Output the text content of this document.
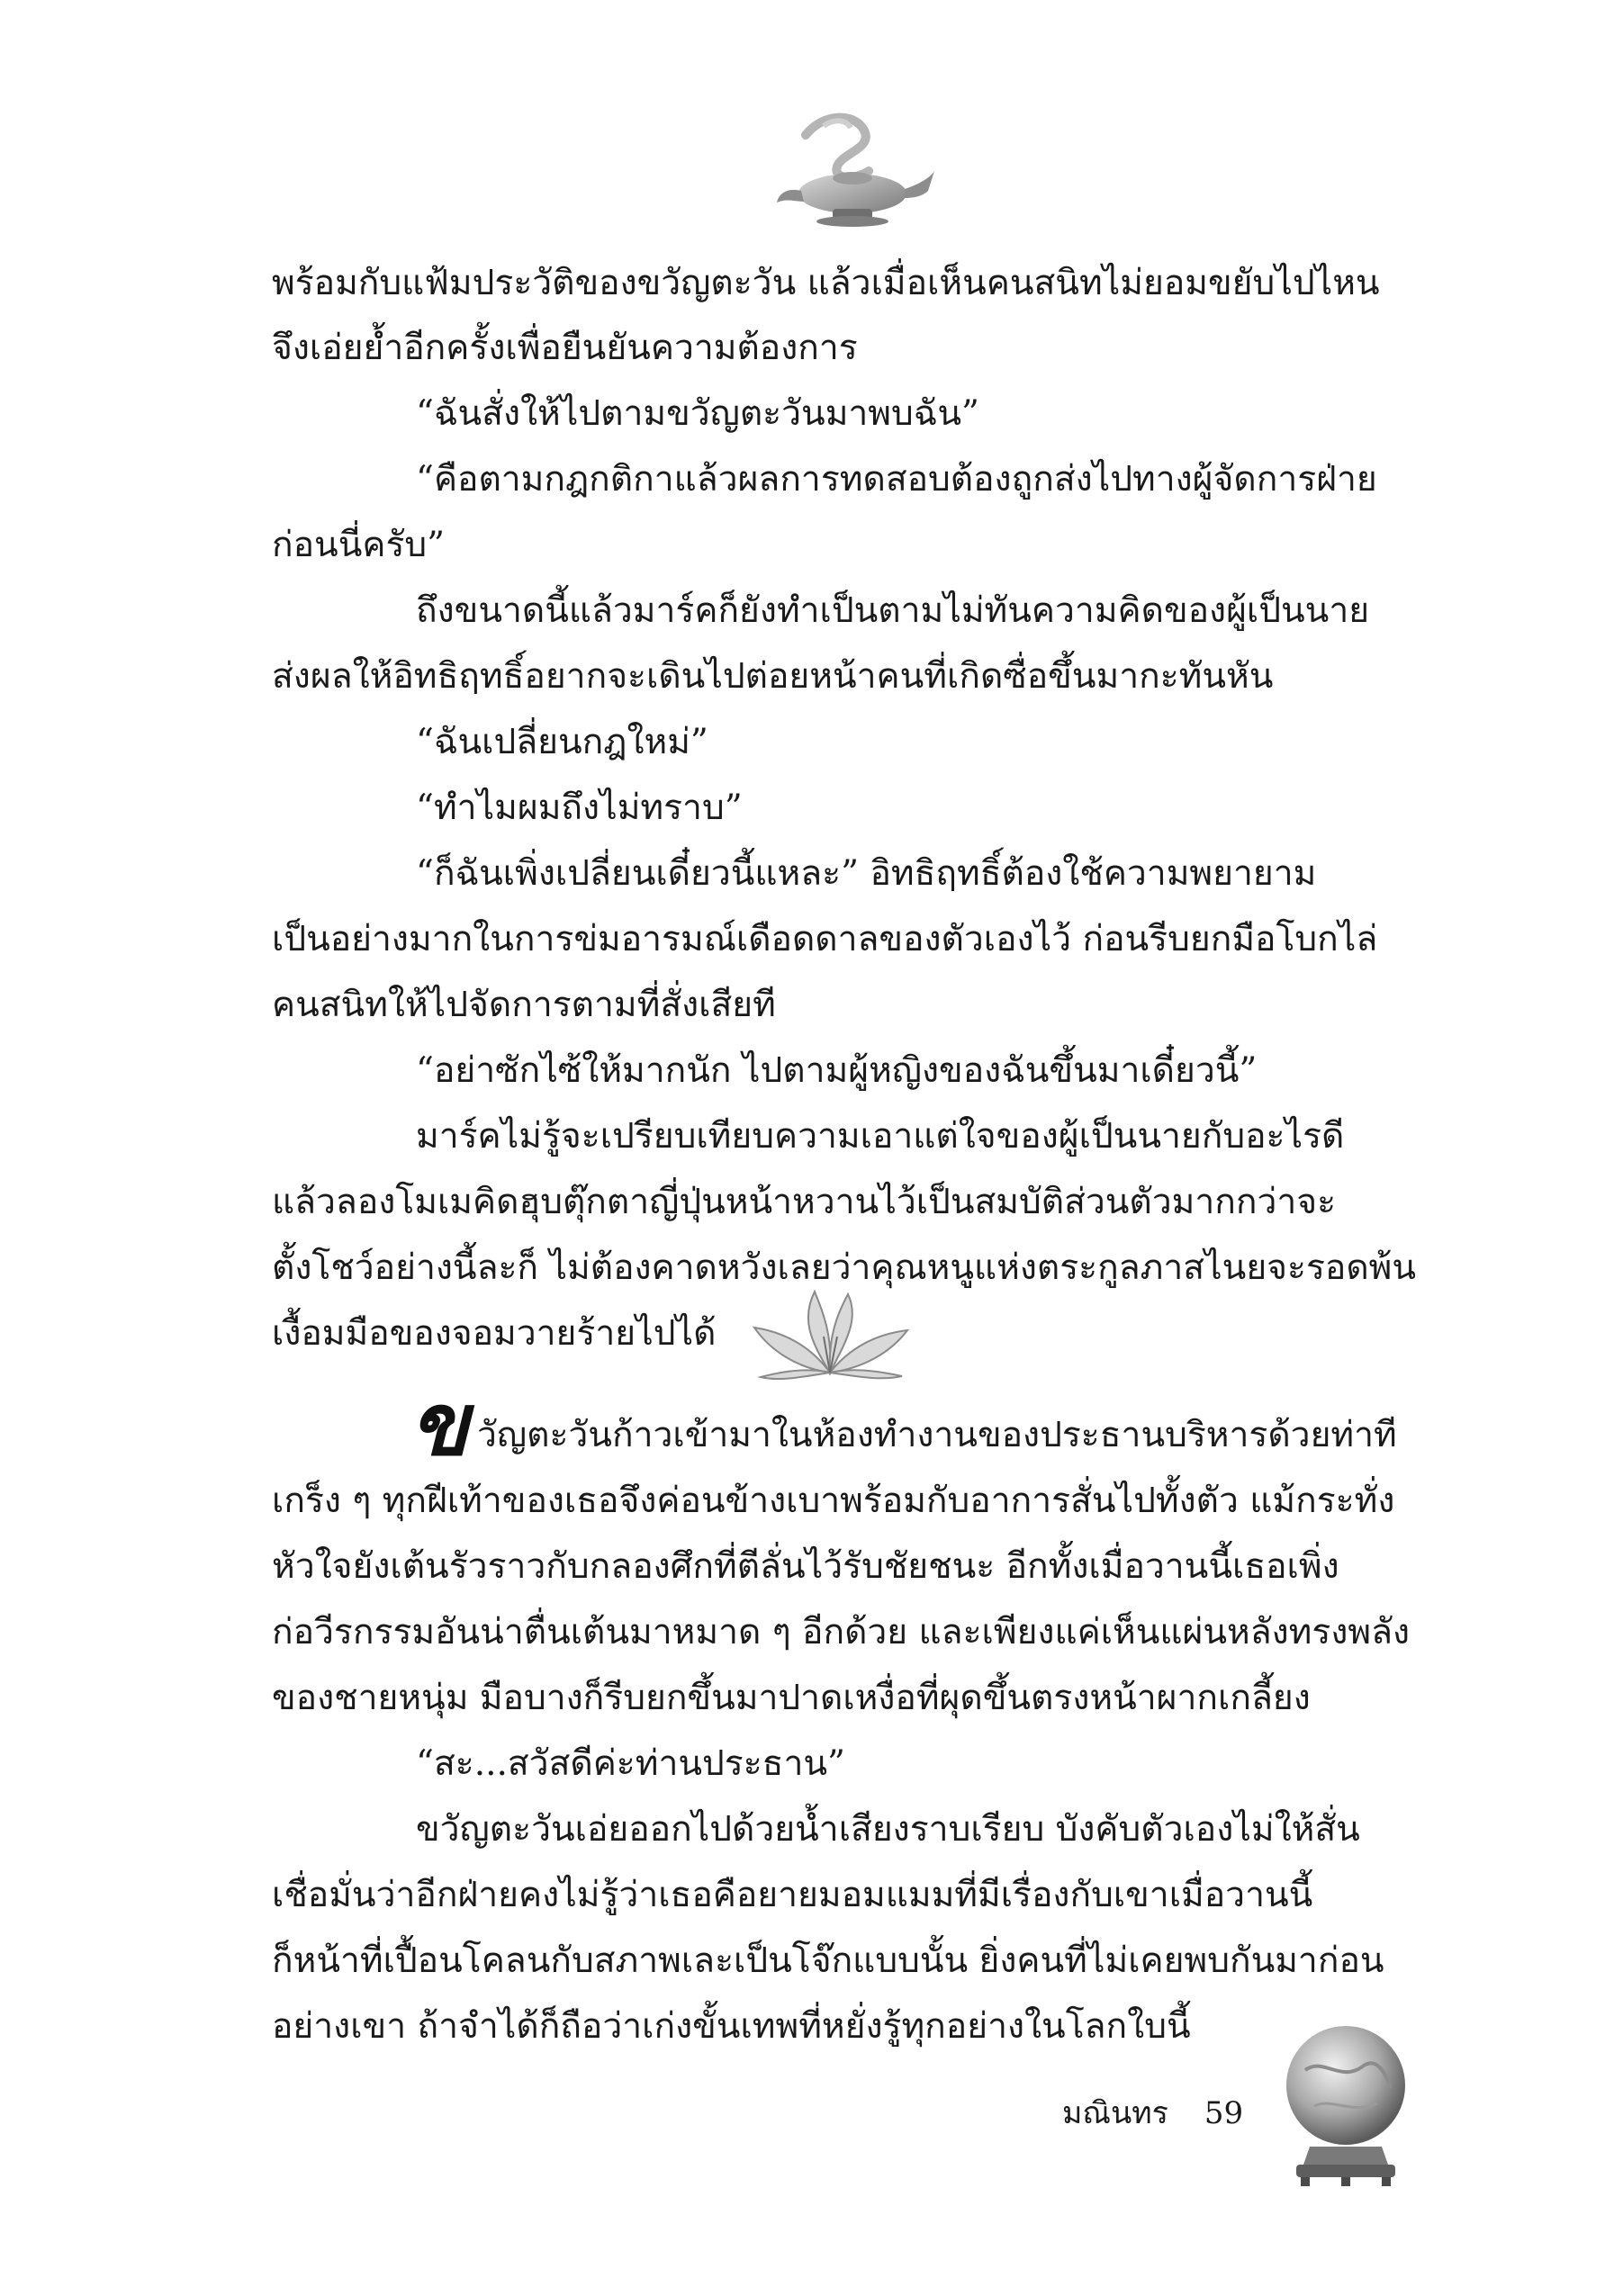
พร้อมกับแฟ้มประวัติของขวัญตะวัน แล้วเมื่อเห็นคนสนิทไม่ยอมขยับไปไหน
จึงเอ่ยย้ำอีกครั้งเพื่อยืนยันความต้องการ
“ฉันสั่งให้ไปตามขวัญตะวันมาพบฉัน”
“คือตามกฎกติกาแล้วผลการทดสอบต้องถูกส่งไปทางผู้จัดการฝ่าย
ก่อนนี่ครับ”
ถึงขนาดนี้แล้วมาร์คก็ยังทำเป็นตามไม่ทันความคิดของผู้เป็นนาย
ส่งผลให้อิทธิฤทธิ์อยากจะเดินไปต่อยหน้าคนที่เกิดซื่อขึ้นมากะทันหัน
“ฉันเปลี่ยนกฎใหม่”
“ทำไมผมถึงไม่ทราบ”
“ก็ฉันเพิ่งเปลี่ยนเดี๋ยวนี้แหละ” อิทธิฤทธิ์ต้องใช้ความพยายาม
เป็นอย่างมากในการข่มอารมณ์เดือดดาลของตัวเองไว้ ก่อนรีบยกมือโบกไล่
คนสนิทให้ไปจัดการตามที่สั่งเสียที
“อย่าซักไซ้ให้มากนัก ไปตามผู้หญิงของฉันขึ้นมาเดี๋ยวนี้”
มาร์คไม่รู้จะเปรียบเทียบความเอาแต่ใจของผู้เป็นนายกับอะไรดี
แล้วลองโมเมคิดฮุบตุ๊กตาญี่ปุ่นหน้าหวานไว้เป็นสมบัติส่วนตัวมากกว่าจะ
ตั้งโชว์อย่างนี้ละก็ ไม่ต้องคาดหวังเลยว่าคุณหนูแห่งตระกูลภาสไนยจะรอดพ้น
เงื้อมมือของจอมวายร้ายไปได้
ข วัญตะวันก้าวเข้ามาในห้องทำงานของประธานบริหารด้วยท่าที
เกร็ง ๆ ทุกฝีเท้าของเธอจึงค่อนข้างเบาพร้อมกับอาการสั่นไปทั้งตัว แม้กระทั่ง
หัวใจยังเต้นรัวราวกับกลองศึกที่ตีลั่นไว้รับชัยชนะ อีกทั้งเมื่อวานนี้เธอเพิ่ง
ก่อวีรกรรมอันน่าตื่นเต้นมาหมาด ๆ อีกด้วย และเพียงแค่เห็นแผ่นหลังทรงพลัง
ของชายหนุ่ม มือบางก็รีบยกขึ้นมาปาดเหงื่อที่ผุดขึ้นตรงหน้าผากเกลี้ยง
“สะ...สวัสดีค่ะท่านประธาน”
ขวัญตะวันเอ่ยออกไปด้วยน้ำเสียงราบเรียบ บังคับตัวเองไม่ให้สั่น
เชื่อมั่นว่าอีกฝ่ายคงไม่รู้ว่าเธอคือยายมอมแมมที่มีเรื่องกับเขาเมื่อวานนี้
ก็หน้าที่เปื้อนโคลนกับสภาพเละเป็นโจ๊กแบบนั้น ยิ่งคนที่ไม่เคยพบกันมาก่อน
อย่างเขา ถ้าจำได้ก็ถือว่าเก่งขั้นเทพที่หยั่งรู้ทุกอย่างในโลกใบนี้
มณินทร 59
